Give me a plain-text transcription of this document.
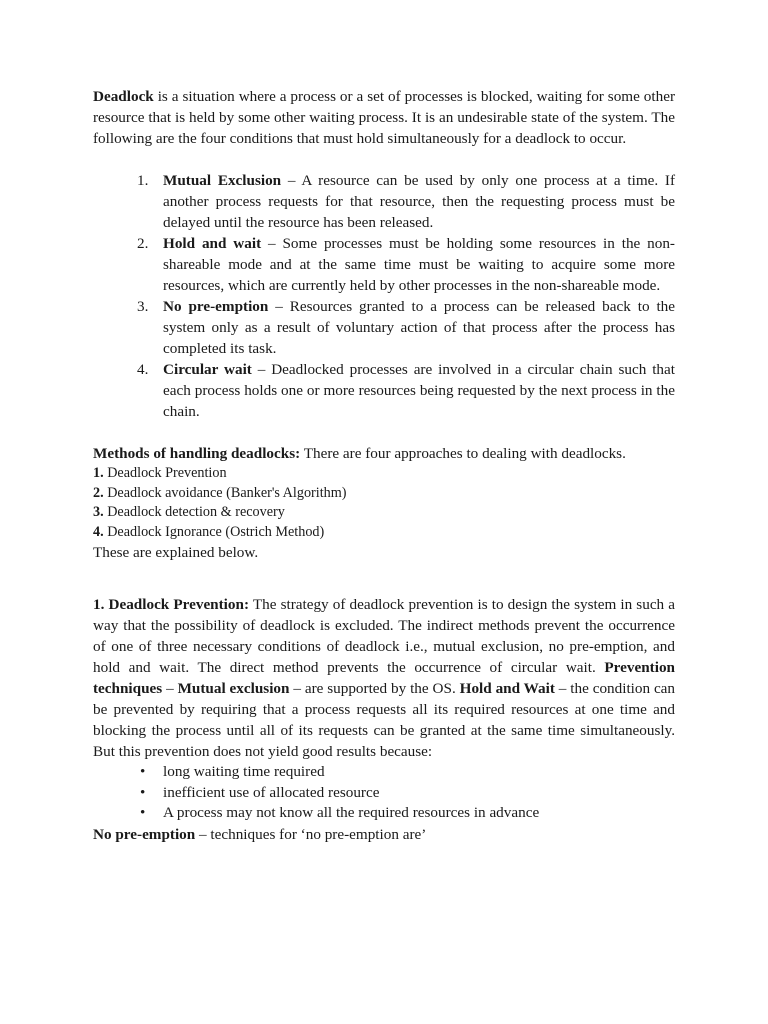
Deadlock is a situation where a process or a set of processes is blocked, waiting for some other resource that is held by some other waiting process. It is an undesirable state of the system. The following are the four conditions that must hold simultaneously for a deadlock to occur.

1. Mutual Exclusion – A resource can be used by only one process at a time. If another process requests for that resource, then the requesting process must be delayed until the resource has been released.
2. Hold and wait – Some processes must be holding some resources in the non-shareable mode and at the same time must be waiting to acquire some more resources, which are currently held by other processes in the non-shareable mode.
3. No pre-emption – Resources granted to a process can be released back to the system only as a result of voluntary action of that process after the process has completed its task.
4. Circular wait – Deadlocked processes are involved in a circular chain such that each process holds one or more resources being requested by the next process in the chain.

Methods of handling deadlocks: There are four approaches to dealing with deadlocks.

1. Deadlock Prevention
2. Deadlock avoidance (Banker's Algorithm)
3. Deadlock detection & recovery
4. Deadlock Ignorance (Ostrich Method)

These are explained below.

1. Deadlock Prevention: The strategy of deadlock prevention is to design the system in such a way that the possibility of deadlock is excluded. The indirect methods prevent the occurrence of one of three necessary conditions of deadlock i.e., mutual exclusion, no pre-emption, and hold and wait. The direct method prevents the occurrence of circular wait. Prevention techniques – Mutual exclusion – are supported by the OS. Hold and Wait – the condition can be prevented by requiring that a process requests all its required resources at one time and blocking the process until all of its requests can be granted at the same time simultaneously. But this prevention does not yield good results because:

• long waiting time required
• inefficient use of allocated resource
• A process may not know all the required resources in advance

No pre-emption – techniques for ‘no pre-emption are’
